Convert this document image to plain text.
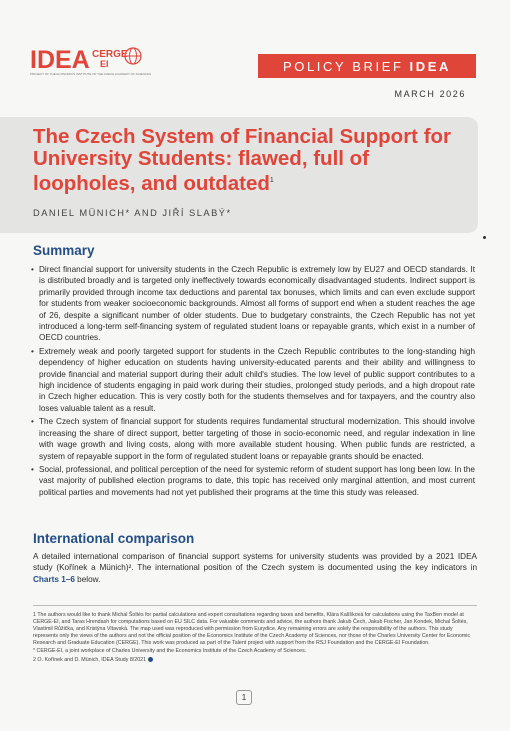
IDEA CERGE
EI
PROJECT OF THE ECONOMICS INSTITUTE OF THE CZECH ACADEMY OF SCIENCES
POLICY BRIEF IDEA
MARCH 2026
The Czech System of Financial Support for University Students: flawed, full of loopholes, and outdated$^1$
DANIEL MÜNICH* AND JIŘÍ SLABÝ*
Summary
• Direct financial support for university students in the Czech Republic is extremely low by EU27 and OECD standards. It is distributed broadly and is targeted only ineffectively towards economically disadvantaged students. Indirect support is primarily provided through income tax deductions and parental tax bonuses, which limits and can even exclude support for students from weaker socioeconomic backgrounds. Almost all forms of support end when a student reaches the age of 26, despite a significant number of older students. Due to budgetary constraints, the Czech Republic has not yet introduced a long-term self-financing system of regulated student loans or repayable grants, which exist in a number of OECD countries.
• Extremely weak and poorly targeted support for students in the Czech Republic contributes to the long-standing high dependency of higher education on students having university-educated parents and their ability and willingness to provide financial and material support during their adult child's studies. The low level of public support contributes to a high incidence of students engaging in paid work during their studies, prolonged study periods, and a high dropout rate in Czech higher education. This is very costly both for the students themselves and for taxpayers, and the country also loses valuable talent as a result.
• The Czech system of financial support for students requires fundamental structural modernization. This should involve increasing the share of direct support, better targeting of those in socio-economic need, and regular indexation in line with wage growth and living costs, along with more available student housing. When public funds are restricted, a system of repayable support in the form of regulated student loans or repayable grants should be enacted.
• Social, professional, and political perception of the need for systemic reform of student support has long been low. In the vast majority of published election programs to date, this topic has received only marginal attention, and most current political parties and movements had not yet published their programs at the time this study was released.
International comparison

A detailed international comparison of financial support systems for university students was provided by a 2021 IDEA study (Kořínek a Münich)². The international position of the Czech system is documented using the key indicators in Charts 1–6 below.

1 The authors would like to thank Michal Šoltés for partial calculations and expert consultations regarding taxes and benefits, Klára Kalíšková for calculations using the TaxBen model at CERGE-EI, and Taras Hrendash for computations based on EU SILC data. For valuable comments and advice, the authors thank Jakub Čech, Jakub Fischer, Jan Kondek, Michal Šoltés, Vlastimil Růžička, and Kristýna Vltavská. The map used was reproduced with permission from Eurydice. Any remaining errors are solely the responsibility of the authors. This study represents only the views of the authors and not the official position of the Economics Institute of the Czech Academy of Sciences, nor those of the Charles University Center for Economic Research and Graduate Education (CERGE). This work was produced as part of the Talent project with support from the RSJ Foundation and the CERGE-EI Foundation.

* CERGE-EI, a joint workplace of Charles University and the Economics Institute of the Czech Academy of Sciences.

2 O. Kořínek and D. Münich, IDEA Study 8/2021

1
